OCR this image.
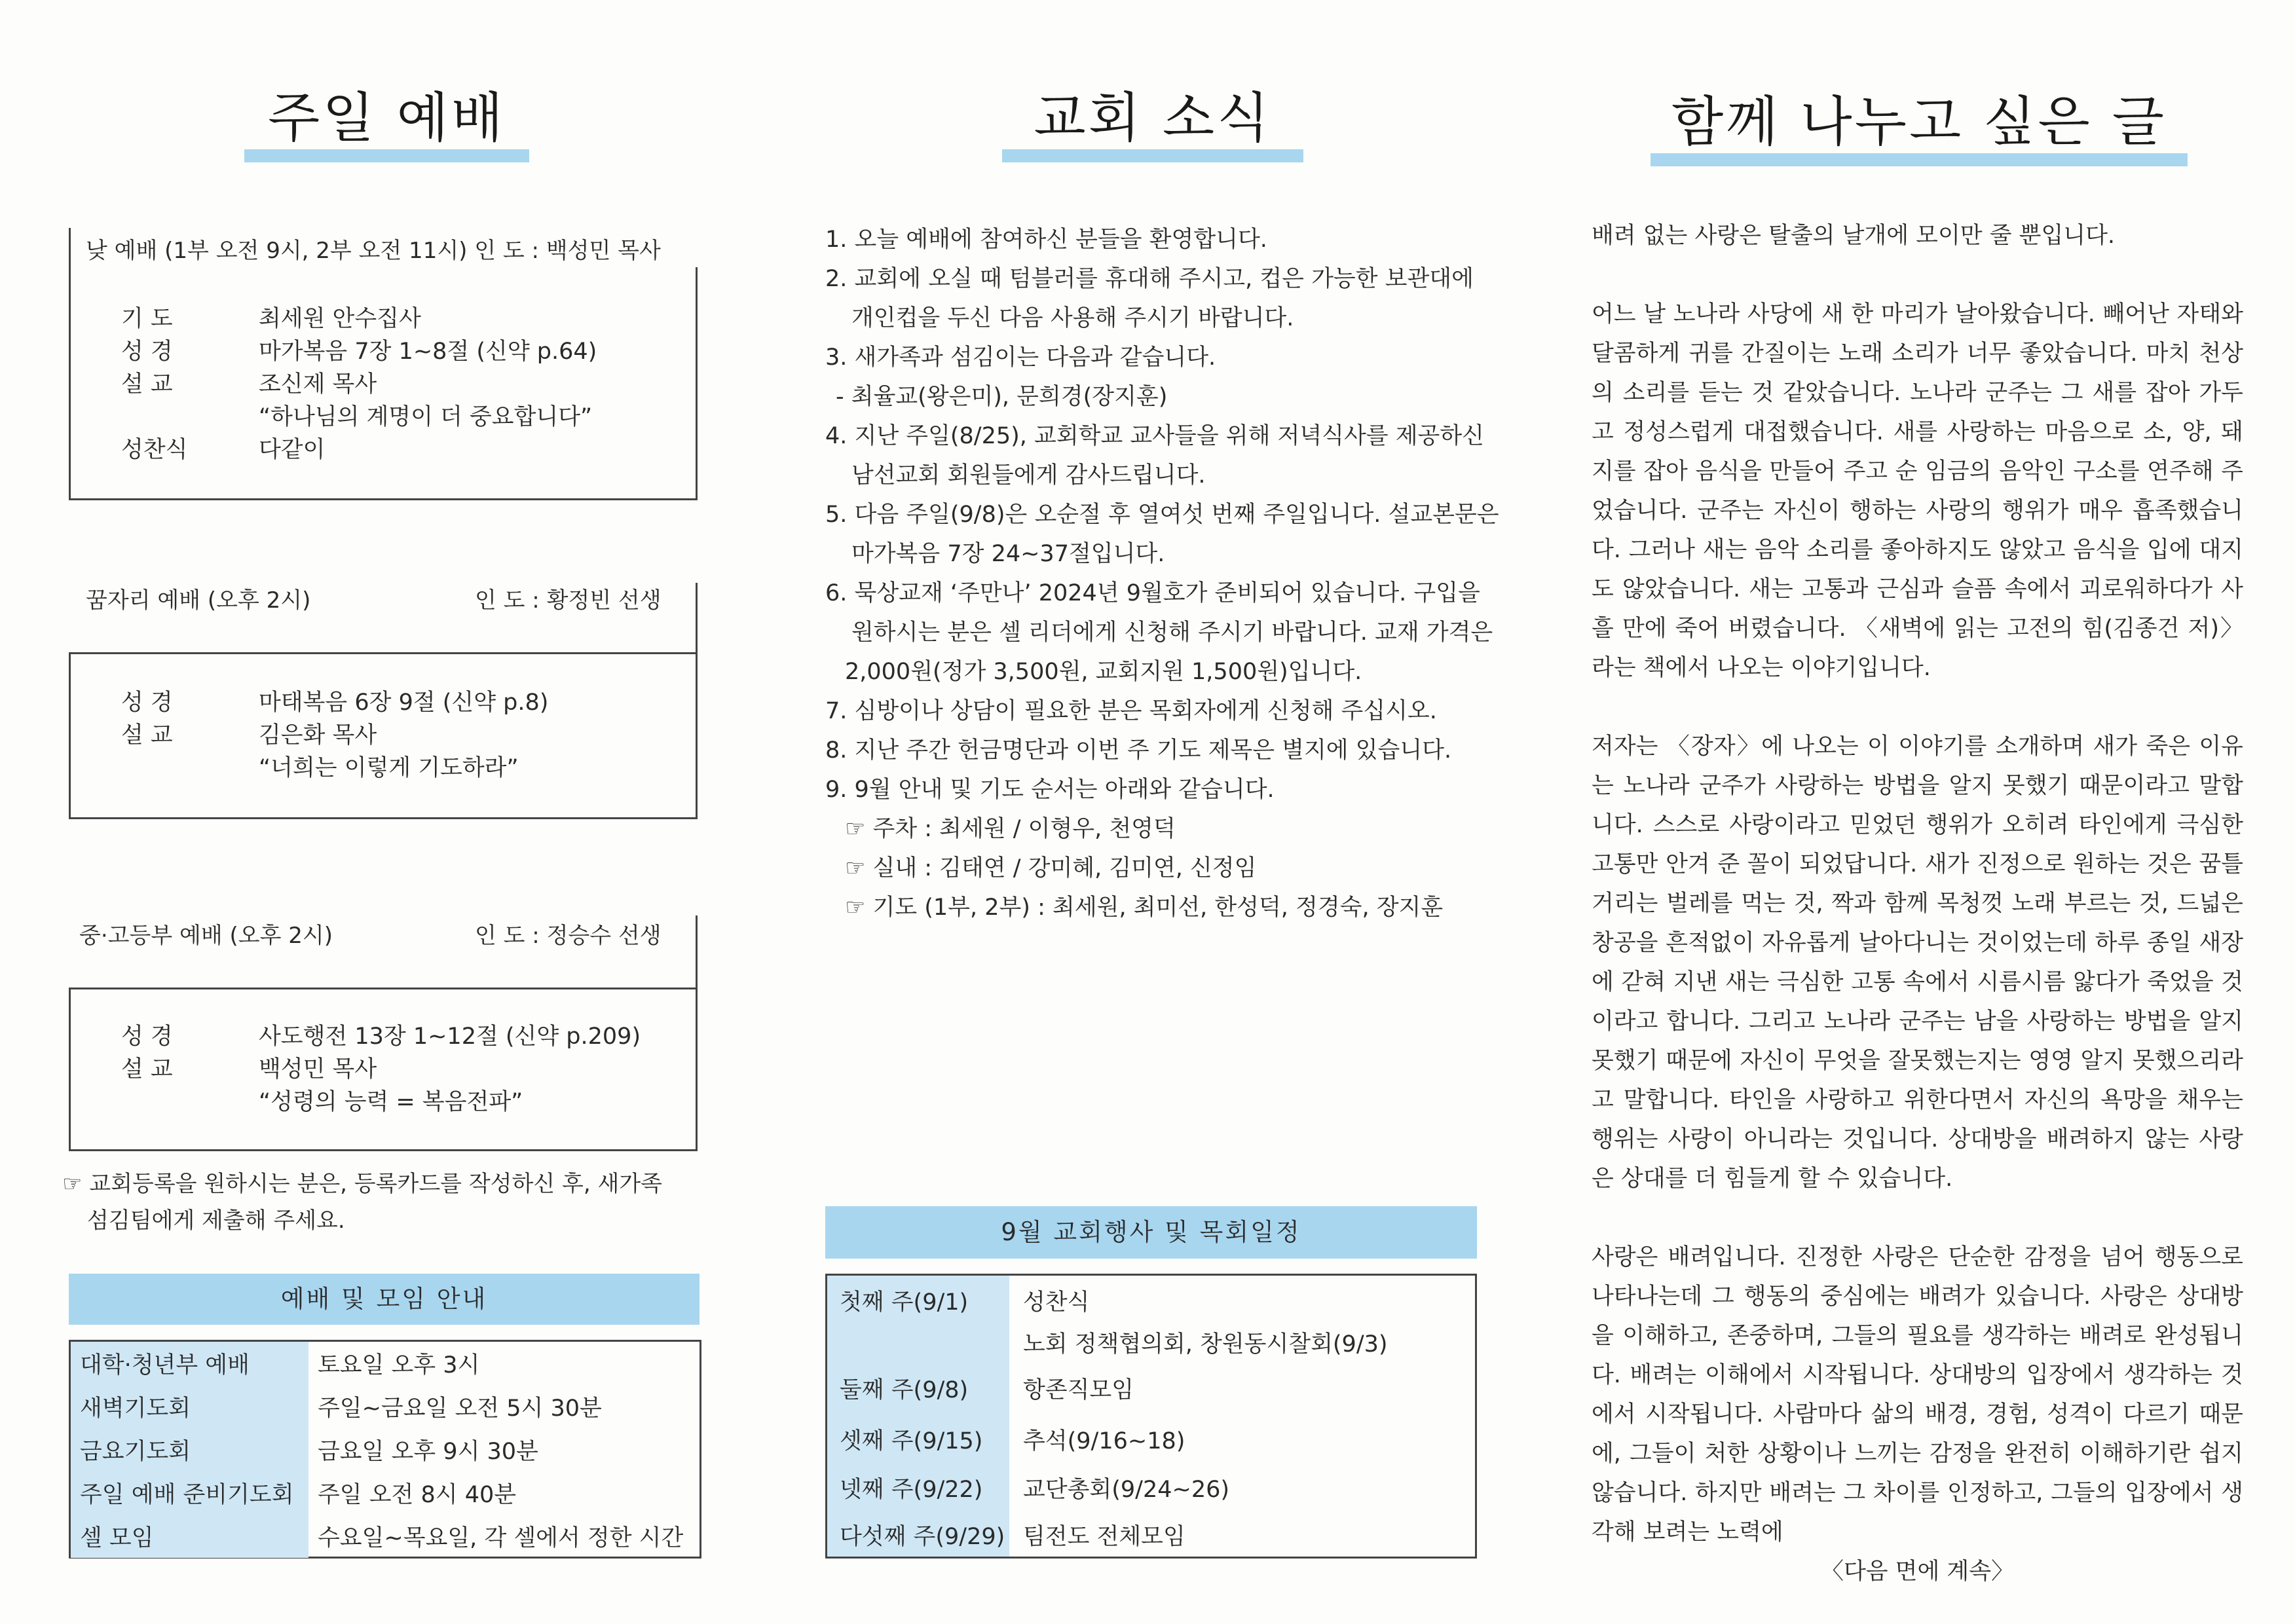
주일 예배
낮 예배 (1부 오전 9시, 2부 오전 11시) 인 도 : 백성민 목사
기 도	최세원 안수집사
성 경	마가복음 7장 1~8절 (신약 p.64)
설 교	조신제 목사
“하나님의 계명이 더 중요합니다”
성찬식	다같이
꿈자리 예배 (오후 2시)	인 도 : 황정빈 선생
성 경	마태복음 6장 9절 (신약 p.8)
설 교	김은화 목사
“너희는 이렇게 기도하라”
중·고등부 예배 (오후 2시)	인 도 : 정승수 선생
성 경	사도행전 13장 1~12절 (신약 p.209)
설 교	백성민 목사
“성령의 능력 = 복음전파”
☞ 교회등록을 원하시는 분은, 등록카드를 작성하신 후, 새가족
섬김팀에게 제출해 주세요.
예배 및 모임 안내
대학·청년부 예배	토요일 오후 3시
새벽기도회	주일~금요일 오전 5시 30분
금요기도회	금요일 오후 9시 30분
주일 예배 준비기도회	주일 오전 8시 40분
셀 모임	수요일~목요일, 각 셀에서 정한 시간
교회 소식
1. 오늘 예배에 참여하신 분들을 환영합니다.
2. 교회에 오실 때 텀블러를 휴대해 주시고, 컵은 가능한 보관대에
개인컵을 두신 다음 사용해 주시기 바랍니다.
3. 새가족과 섬김이는 다음과 같습니다.
- 최율교(왕은미), 문희경(장지훈)
4. 지난 주일(8/25), 교회학교 교사들을 위해 저녁식사를 제공하신
남선교회 회원들에게 감사드립니다.
5. 다음 주일(9/8)은 오순절 후 열여섯 번째 주일입니다. 설교본문은
마가복음 7장 24~37절입니다.
6. 묵상교재 ‘주만나’ 2024년 9월호가 준비되어 있습니다. 구입을
원하시는 분은 셀 리더에게 신청해 주시기 바랍니다. 교재 가격은
2,000원(정가 3,500원, 교회지원 1,500원)입니다.
7. 심방이나 상담이 필요한 분은 목회자에게 신청해 주십시오.
8. 지난 주간 헌금명단과 이번 주 기도 제목은 별지에 있습니다.
9. 9월 안내 및 기도 순서는 아래와 같습니다.
☞ 주차 : 최세원 / 이형우, 천영덕
☞ 실내 : 김태연 / 강미혜, 김미연, 신정임
☞ 기도 (1부, 2부) : 최세원, 최미선, 한성덕, 정경숙, 장지훈
9월 교회행사 및 목회일정
첫째 주(9/1) 성찬식
노회 정책협의회, 창원동시찰회(9/3)
둘째 주(9/8) 항존직모임
셋째 주(9/15) 추석(9/16~18)
넷째 주(9/22) 교단총회(9/24~26)
다섯째 주(9/29) 팀전도 전체모임
함께 나누고 싶은 글

배려 없는 사랑은 탈출의 날개에 모이만 줄 뿐입니다.

어느 날 노나라 사당에 새 한 마리가 날아왔습니다. 빼어난 자태와 달콤하게 귀를 간질이는 노래 소리가 너무 좋았습니다. 마치 천상의 소리를 듣는 것 같았습니다. 노나라 군주는 그 새를 잡아 가두고 정성스럽게 대접했습니다. 새를 사랑하는 마음으로 소, 양, 돼지를 잡아 음식을 만들어 주고 순 임금의 음악인 구소를 연주해 주었습니다. 군주는 자신이 행하는 사랑의 행위가 매우 흡족했습니다. 그러나 새는 음악 소리를 좋아하지도 않았고 음식을 입에 대지도 않았습니다. 새는 고통과 근심과 슬픔 속에서 괴로워하다가 사흘 만에 죽어 버렸습니다. 〈새벽에 읽는 고전의 힘(김종건 저)〉라는 책에서 나오는 이야기입니다.

저자는 〈장자〉에 나오는 이 이야기를 소개하며 새가 죽은 이유는 노나라 군주가 사랑하는 방법을 알지 못했기 때문이라고 말합니다. 스스로 사랑이라고 믿었던 행위가 오히려 타인에게 극심한 고통만 안겨 준 꼴이 되었답니다. 새가 진정으로 원하는 것은 꿈틀거리는 벌레를 먹는 것, 짝과 함께 목청껏 노래 부르는 것, 드넓은 창공을 흔적없이 자유롭게 날아다니는 것이었는데 하루 종일 새장에 갇혀 지낸 새는 극심한 고통 속에서 시름시름 앓다가 죽었을 것이라고 합니다. 그리고 노나라 군주는 남을 사랑하는 방법을 알지 못했기 때문에 자신이 무엇을 잘못했는지는 영영 알지 못했으리라고 말합니다. 타인을 사랑하고 위한다면서 자신의 욕망을 채우는 행위는 사랑이 아니라는 것입니다. 상대방을 배려하지 않는 사랑은 상대를 더 힘들게 할 수 있습니다.

사랑은 배려입니다. 진정한 사랑은 단순한 감정을 넘어 행동으로 나타나는데 그 행동의 중심에는 배려가 있습니다. 사랑은 상대방을 이해하고, 존중하며, 그들의 필요를 생각하는 배려로 완성됩니다. 배려는 이해에서 시작됩니다. 상대방의 입장에서 생각하는 것에서 시작됩니다. 사람마다 삶의 배경, 경험, 성격이 다르기 때문에, 그들이 처한 상황이나 느끼는 감정을 완전히 이해하기란 쉽지 않습니다. 하지만 배려는 그 차이를 인정하고, 그들의 입장에서 생각해 보려는 노력에

〈다음 면에 계속〉
